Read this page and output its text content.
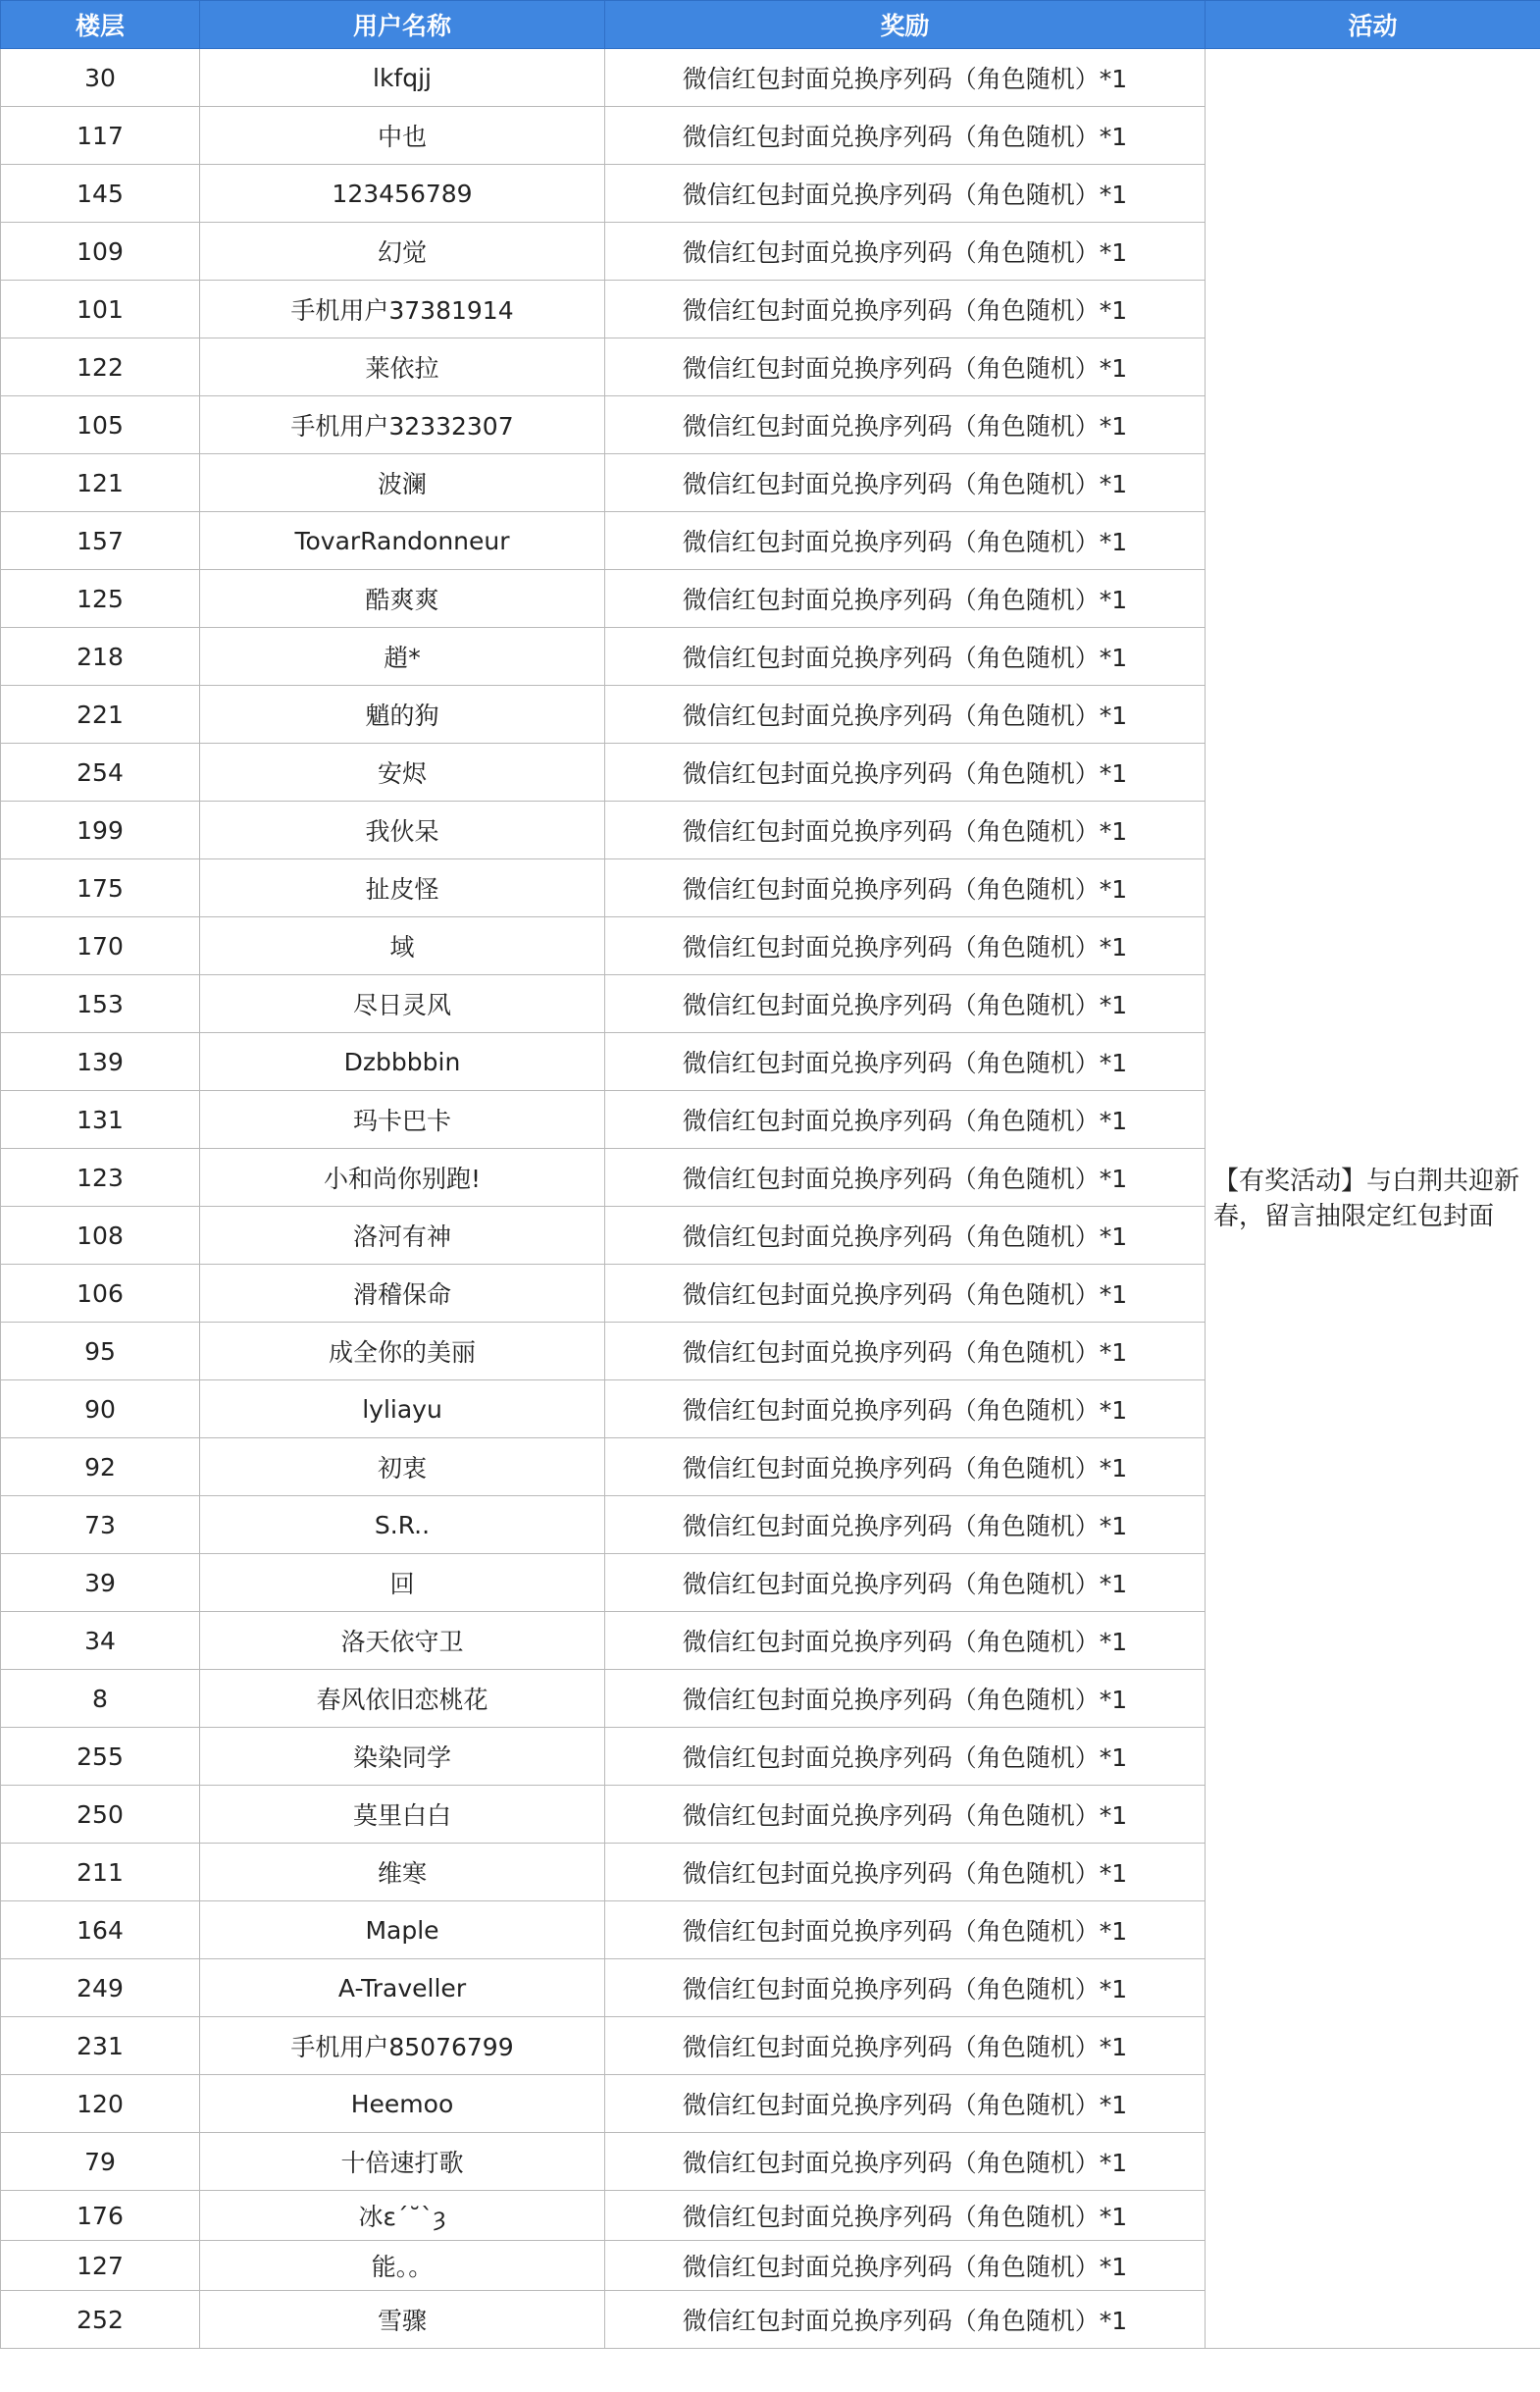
楼层	用户名称	奖励	活动
30	lkfqjj	微信红包封面兑换序列码（角色随机）*1	【有奖活动】与白荆共迎新春，留言抽限定红包封面
117	中也	微信红包封面兑换序列码（角色随机）*1	
145	123456789	微信红包封面兑换序列码（角色随机）*1	
109	幻觉	微信红包封面兑换序列码（角色随机）*1	
101	手机用户37381914	微信红包封面兑换序列码（角色随机）*1	
122	莱依拉	微信红包封面兑换序列码（角色随机）*1	
105	手机用户32332307	微信红包封面兑换序列码（角色随机）*1	
121	波澜	微信红包封面兑换序列码（角色随机）*1	
157	TovarRandonneur	微信红包封面兑换序列码（角色随机）*1	
125	酷爽爽	微信红包封面兑换序列码（角色随机）*1	
218	趙*	微信红包封面兑换序列码（角色随机）*1	
221	魈的狗	微信红包封面兑换序列码（角色随机）*1	
254	安烬	微信红包封面兑换序列码（角色随机）*1	
199	我伙呆	微信红包封面兑换序列码（角色随机）*1	
175	扯皮怪	微信红包封面兑换序列码（角色随机）*1	
170	域	微信红包封面兑换序列码（角色随机）*1	
153	尽日灵风	微信红包封面兑换序列码（角色随机）*1	
139	Dzbbbbin	微信红包封面兑换序列码（角色随机）*1	
131	玛卡巴卡	微信红包封面兑换序列码（角色随机）*1	
123	小和尚你别跑!	微信红包封面兑换序列码（角色随机）*1	
108	洛河有神	微信红包封面兑换序列码（角色随机）*1	
106	滑稽保命	微信红包封面兑换序列码（角色随机）*1	
95	成全你的美丽	微信红包封面兑换序列码（角色随机）*1	
90	lyliayu	微信红包封面兑换序列码（角色随机）*1	
92	初衷	微信红包封面兑换序列码（角色随机）*1	
73	S.R..	微信红包封面兑换序列码（角色随机）*1	
39	回	微信红包封面兑换序列码（角色随机）*1	
34	洛天依守卫	微信红包封面兑换序列码（角色随机）*1	
8	春风依旧恋桃花	微信红包封面兑换序列码（角色随机）*1	
255	染染同学	微信红包封面兑换序列码（角色随机）*1	
250	莫里白白	微信红包封面兑换序列码（角色随机）*1	
211	维寒	微信红包封面兑换序列码（角色随机）*1	
164	Maple	微信红包封面兑换序列码（角色随机）*1	
249	A-Traveller	微信红包封面兑换序列码（角色随机）*1	
231	手机用户85076799	微信红包封面兑换序列码（角色随机）*1	
120	Heemoo	微信红包封面兑换序列码（角色随机）*1	
79	十倍速打歌	微信红包封面兑换序列码（角色随机）*1	
176	冰ε´˘`ȝ	微信红包封面兑换序列码（角色随机）*1	
127	能。。	微信红包封面兑换序列码（角色随机）*1	
252	雪骤	微信红包封面兑换序列码（角色随机）*1	
